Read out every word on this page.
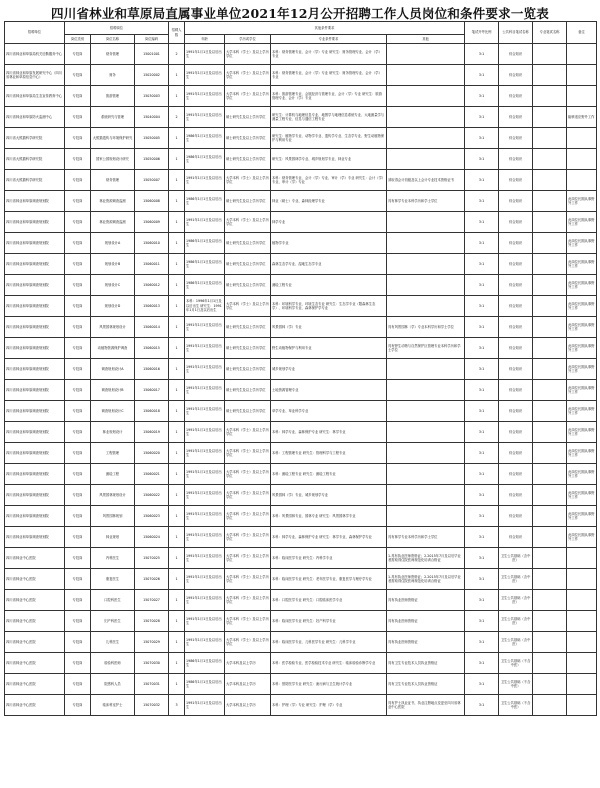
四川省林业和草原局直属事业单位2021年12月公开招聘工作人员岗位和条件要求一览表
招聘单位	招聘岗位			招聘人数	其他条件要求				笔试开考比例	公共科目笔试名称	专业笔试名称	备注
	岗位类别	岗位名称	岗位编码		年龄	学历或学位	专业条件要求	其他				
四川省林业和草原局机关后勤服务中心	专技岗	财务管理	15001001	2	1991年1月1日及以后出生	大学本科（学士）及以上学历学位	本科：财务管理专业、会计（学）专业 研究生：财务管理专业、会计（学）专业		3:1	综合知识		
四川省林业和草原发展研究中心（四川省林业和草原信息中心）	专技岗	财务	15020002	1	1991年1月1日及以后出生	大学本科（学士）及以上学历学位	本科：财务管理专业、会计（学）专业 研究生：财务管理专业、会计（学）专业		3:1	综合知识		
四川省林业和草原局生态宣传教育中心	专技岗	旅游管理	15030003	1	1991年1月1日及以后出生	大学本科（学士）及以上学历学位	本科：旅游管理专业、会展经济与管理专业、会计（学）专业 研究生：旅游管理专业、会计（学）专业		3:1	综合知识		
四川省林业和草原防火监测中心	专技岗	系统研究与管理	15040004	2	1991年1月1日及以后出生	硕士研究生及以上学历学位	研究生：计算机与地理信息专业、地图学与地理信息系统专业、大地测量学与测量工程专业、信息与通信工程专业		3:1	综合知识		能够适应野外工作
四川省大熊猫科学研究院	专技岗	大熊猫遗传与环境保护研究	15050005	1	1986年1月1日及以后出生	硕士研究生及以上学历学位	研究生：植物学专业、动物学专业、遗传学专业、生态学专业、野生动植物保护与利用专业		3:1	综合知识		
四川省大熊猫科学研究院	专技岗	国家公园规划设计研究	15050006	1	1986年1月1日及以后出生	硕士研究生及以上学历学位	研究生：风景园林学专业、城乡规划学专业、林业专业		3:1	综合知识		
四川省大熊猫科学研究院	专技岗	财务管理	15050007	1	1991年1月1日及以后出生	大学本科（学士）及以上学历学位	本科：财务管理专业、会计（学）专业、审计（学）专业 研究生：会计（学）专业、审计（学）专业	须取得会计初级及以上会计专业技术资格证书	3:1	综合知识		
四川省林业和草原调查规划院	专技岗	林业资源调查监测	15060008	1	1986年1月1日及以后出生	硕士研究生及以上学历学位	林业（硕士）专业、森林经理学专业	具有林学专业本科学历和学士学位	3:1	综合知识		此岗位长期从事野外工作
四川省林业和草原调查规划院	专技岗	林业资源调查监测	15060009	1	1991年1月1日及以后出生	大学本科（学士）及以上学历学位	林学专业		3:1	综合知识		此岗位长期从事野外工作
四川省林业和草原调查规划院	专技岗	规划设计A	15060010	1	1986年1月1日及以后出生	硕士研究生及以上学历学位	植物学专业		3:1	综合知识		此岗位长期从事野外工作
四川省林业和草原调查规划院	专技岗	规划设计B	15060011	1	1986年1月1日及以后出生	硕士研究生及以上学历学位	森林生态学专业、湿地生态学专业		3:1	综合知识		此岗位长期从事野外工作
四川省林业和草原调查规划院	专技岗	规划设计C	15060012	1	1986年1月1日及以后出生	硕士研究生及以上学历学位	测绘工程专业		3:1	综合知识		此岗位长期从事野外工作
四川省林业和草原调查规划院	专技岗	规划设计D	15060013	1	本科：1996年1月1日及以后出生 研究生：1991年1月1日及以后出生	大学本科（学士）及以上学历学位	本科：环境科学专业、环境生态专业 研究生：生态学专业（限森林生态学）、环境科学专业、森林保护学专业		3:1	综合知识		此岗位长期从事野外工作
四川省林业和草原调查规划院	专技岗	风景园林规划设计	15060014	1	1991年1月1日及以后出生	硕士研究生及以上学历学位	风景园林（学）专业	具有风景园林（学）专业本科学历和学士学位	3:1	综合知识		此岗位长期从事野外工作
四川省林业和草原调查规划院	专技岗	动植物资源保护调查	15060015	1	1991年1月1日及以后出生	硕士研究生及以上学历学位	野生动植物保护与利用专业	具有野生动物与自然保护区管理专业本科学历和学士学位	3:1	综合知识		此岗位长期从事野外工作
四川省林业和草原调查规划院	专技岗	调查规划设计A	15060016	1	1991年1月1日及以后出生	硕士研究生及以上学历学位	城乡规划学专业		3:1	综合知识		此岗位长期从事野外工作
四川省林业和草原调查规划院	专技岗	调查规划设计B	15060017	1	1991年1月1日及以后出生	硕士研究生及以上学历学位	土地资源管理专业		3:1	综合知识		此岗位长期从事野外工作
四川省林业和草原调查规划院	专技岗	调查规划设计C	15060018	1	1991年1月1日及以后出生	硕士研究生及以上学历学位	草学专业、草业科学专业		3:1	综合知识		此岗位长期从事野外工作
四川省林业和草原调查规划院	专技岗	林业规划设计	15060019	1	1991年1月1日及以后出生	大学本科（学士）及以上学历学位	本科：林学专业、森林保护专业 研究生：林学专业		3:1	综合知识		此岗位长期从事野外工作
四川省林业和草原调查规划院	专技岗	工程管理	15060020	1	1991年1月1日及以后出生	大学本科（学士）及以上学历学位	本科：工程管理专业 研究生：管理科学与工程专业		3:1	综合知识		此岗位长期从事野外工作
四川省林业和草原调查规划院	专技岗	测绘工程	15060021	1	1991年1月1日及以后出生	大学本科（学士）及以上学历学位	本科：测绘工程专业 研究生：测绘工程专业		3:1	综合知识		此岗位长期从事野外工作
四川省林业和草原调查规划院	专技岗	风景园林规划设计	15060022	1	1991年1月1日及以后出生	大学本科（学士）及以上学历学位	风景园林（学）专业、城乡规划学专业		3:1	综合知识		此岗位长期从事野外工作
四川省林业和草原调查规划院	专技岗	风景园林规划	15060023	1	1991年1月1日及以后出生	大学本科（学士）及以上学历学位	本科：风景园林专业、园林专业 研究生：风景园林学专业		3:1	综合知识		此岗位长期从事野外工作
四川省林业和草原调查规划院	专技岗	林业规划	15060024	1	1991年1月1日及以后出生	大学本科（学士）及以上学历学位	本科：林学专业、森林保护专业 研究生：林学专业、森林保护学专业	具有林学专业本科学历和学士学位	3:1	综合知识		此岗位长期从事野外工作
四川省林业中心医院	专技岗	内科医生	15070025	1	1991年1月1日及以后出生	大学本科（学士）及以上学历学位	本科：临床医学专业 研究生：内科学专业	1.具有执业医师资格证；2.2015年7月及以后毕业者需取得住院医师规范化培训合格证	3:1	卫生公共基础（含中医）		
四川省林业中心医院	专技岗	康复医生	15070026	1	1991年1月1日及以后出生	大学本科（学士）及以上学历学位	本科：临床医学专业 研究生：老年医学专业、康复医学与理疗学专业	1.具有执业医师资格证；2.2015年7月及以后毕业者需取得住院医师规范化培训合格证	3:1	卫生公共基础（含中医）		
四川省林业中心医院	专技岗	口腔科医生	15070027	1	1991年1月1日及以后出生	大学本科（学士）及以上学历学位	本科：口腔医学专业 研究生：口腔临床医学专业	具有执业医师资格证	3:1	卫生公共基础（含中医）		
四川省林业中心医院	专技岗	妇产科医生	15070028	1	1991年1月1日及以后出生	大学本科（学士）及以上学历学位	本科：临床医学专业 研究生：妇产科学专业	具有执业医师资格证	3:1	卫生公共基础（含中医）		
四川省林业中心医院	专技岗	儿科医生	15070029	1	1991年1月1日及以后出生	大学本科（学士）及以上学历学位	本科：临床医学专业、儿科医学专业 研究生：儿科学专业	具有执业医师资格证	3:1	卫生公共基础（含中医）		
四川省林业中心医院	专技岗	检验科医师	15070030	1	1986年1月1日及以后出生	大学本科及以上学历	本科：医学检验专业、医学检验技术专业 研究生：临床检验诊断学专业	具有卫生专业技术人员执业资格证	3:1	卫生公共基础（不含中医）		
四川省林业中心医院	专技岗	院感科人员	15070031	1	1986年1月1日及以后出生	大学本科及以上学历	本科：预防医学专业 研究生：流行病与卫生统计学专业	具有卫生专业技术人员执业资格证	3:1	卫生公共基础（不含中医）		
四川省林业中心医院	专技岗	临床科室护士	15070032	3	1991年1月1日及以后出生	大学本科及以上学历	本科：护理（学）专业 研究生：护理（学）专业	具有护士执业证书，执业注册地点变更至四川省林业中心医院	3:1	卫生公共基础（不含中医）		
